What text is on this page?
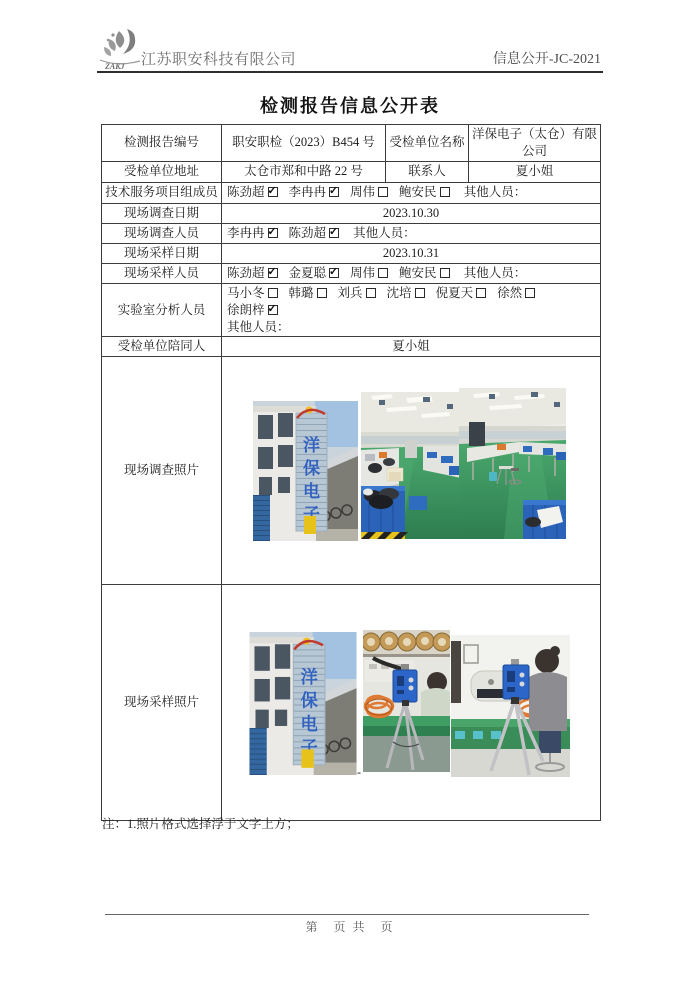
ZAKJ 江苏职安科技有限公司	信息公开-JC-2021
检测报告信息公开表
检测报告编号	职安职检（2023）B454 号	受检单位名称	洋保电子（太仓）有限公司
受检单位地址	太仓市郑和中路 22 号	联系人	夏小姐
技术服务项目组成员	陈劲超 ✓ 李冉冉 ✓ 周伟 鲍安民 其他人员：
现场调查日期	2023.10.30		
现场调查人员	李冉冉 ✓ 陈劲超 ✓ 其他人员：
现场采样日期	2023.10.31		
现场采样人员	陈劲超 ✓ 金夏聪 ✓ 周伟 鲍安民 其他人员：
实验室分析人员	马小冬 韩璐 刘兵 沈培 倪夏天 徐然徐朗梓✓
其他人员：

受检单位陪同人	夏小姐		
现场调查照片	

现场采样照片	-		
注：1.照片格式选择浮于文字上方；
第　页 共　页
